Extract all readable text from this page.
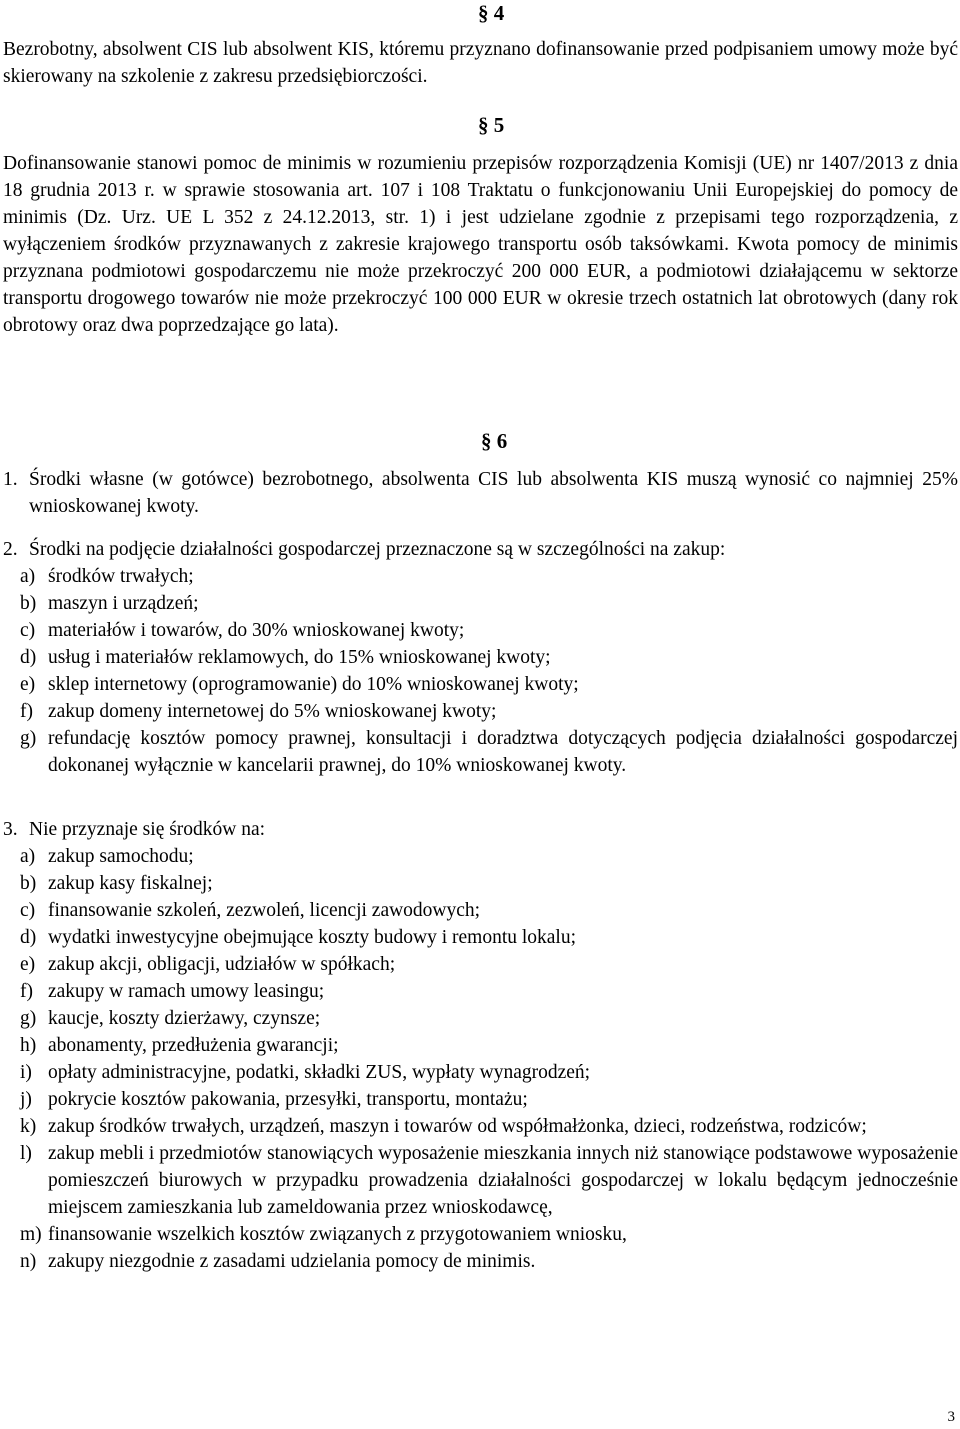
§ 4
Bezrobotny, absolwent CIS lub absolwent KIS, któremu przyznano dofinansowanie przed podpisaniem umowy może być skierowany na szkolenie z zakresu przedsiębiorczości.
§ 5
Dofinansowanie stanowi pomoc de minimis w rozumieniu przepisów rozporządzenia Komisji (UE) nr 1407/2013 z dnia 18 grudnia 2013 r. w sprawie stosowania art. 107 i 108 Traktatu o funkcjonowaniu Unii Europejskiej do pomocy de minimis (Dz. Urz. UE L 352 z 24.12.2013, str. 1) i jest udzielane zgodnie z przepisami tego rozporządzenia, z wyłączeniem środków przyznawanych z zakresie krajowego transportu osób taksówkami. Kwota pomocy de minimis przyznana podmiotowi gospodarczemu nie może przekroczyć 200 000 EUR, a podmiotowi działającemu w sektorze transportu drogowego towarów nie może przekroczyć 100 000 EUR w okresie trzech ostatnich lat obrotowych (dany rok obrotowy oraz dwa poprzedzające go lata).
§ 6
1. Środki własne (w gotówce) bezrobotnego, absolwenta CIS lub absolwenta KIS muszą wynosić co najmniej 25% wnioskowanej kwoty.
2. Środki na podjęcie działalności gospodarczej przeznaczone są w szczególności na zakup:
a) środków trwałych;
b) maszyn i urządzeń;
c) materiałów i towarów, do 30% wnioskowanej kwoty;
d) usług i materiałów reklamowych, do 15% wnioskowanej kwoty;
e) sklep internetowy (oprogramowanie) do 10% wnioskowanej kwoty;
f) zakup domeny internetowej do 5% wnioskowanej kwoty;
g) refundację kosztów pomocy prawnej, konsultacji i doradztwa dotyczących podjęcia działalności gospodarczej dokonanej wyłącznie w kancelarii prawnej, do 10% wnioskowanej kwoty.
3. Nie przyznaje się środków na:
a) zakup samochodu;
b) zakup kasy fiskalnej;
c) finansowanie szkoleń, zezwoleń, licencji zawodowych;
d) wydatki inwestycyjne obejmujące koszty budowy i remontu lokalu;
e) zakup akcji, obligacji, udziałów w spółkach;
f) zakupy w ramach umowy leasingu;
g) kaucje, koszty dzierżawy, czynsze;
h) abonamenty, przedłużenia gwarancji;
i) opłaty administracyjne, podatki, składki ZUS, wypłaty wynagrodzeń;
j) pokrycie kosztów pakowania, przesyłki, transportu, montażu;
k) zakup środków trwałych, urządzeń, maszyn i towarów od współmałżonka, dzieci, rodzeństwa, rodziców;
l) zakup mebli i przedmiotów stanowiących wyposażenie mieszkania innych niż stanowiące podstawowe wyposażenie pomieszczeń biurowych w przypadku prowadzenia działalności gospodarczej w lokalu będącym jednocześnie miejscem zamieszkania lub zameldowania przez wnioskodawcę,
m) finansowanie wszelkich kosztów związanych z przygotowaniem wniosku,
n) zakupy niezgodnie z zasadami udzielania pomocy de minimis.
3
